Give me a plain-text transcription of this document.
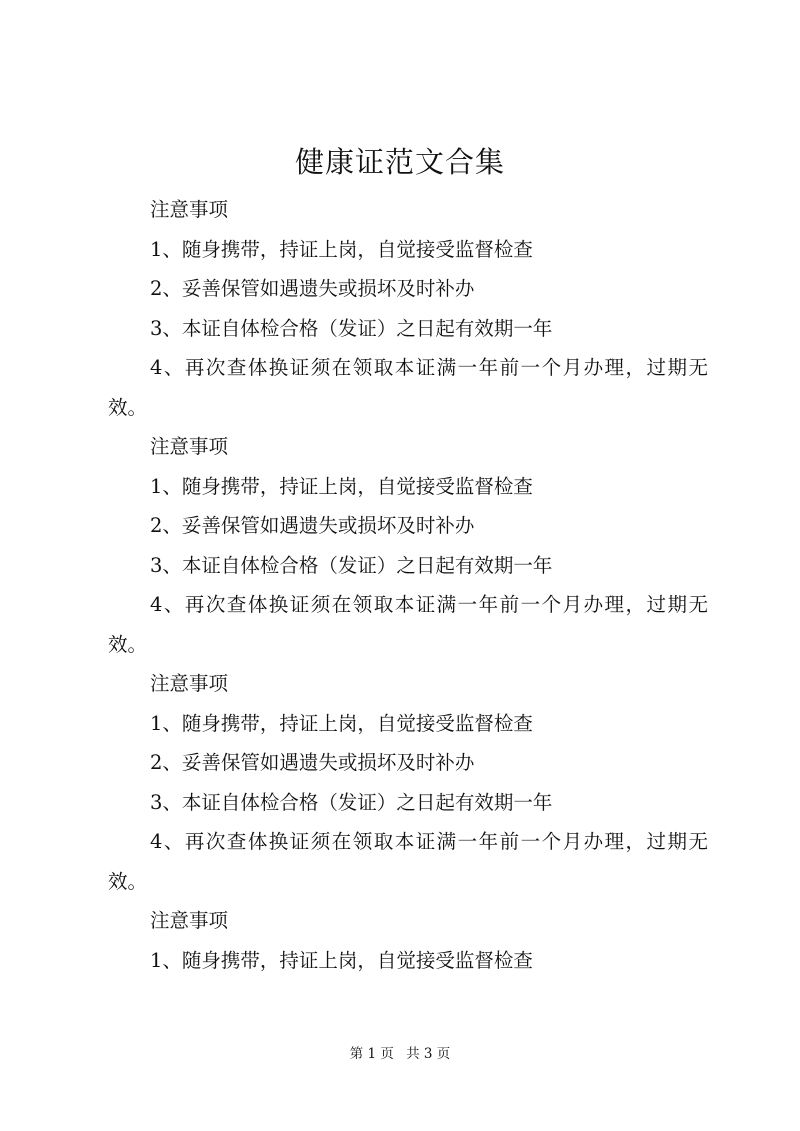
健康证范文合集

注意事项

1、随身携带，持证上岗，自觉接受监督检查

2、妥善保管如遇遗失或损坏及时补办

3、本证自体检合格（发证）之日起有效期一年

4、再次查体换证须在领取本证满一年前一个月办理，过期无效。

注意事项

1、随身携带，持证上岗，自觉接受监督检查

2、妥善保管如遇遗失或损坏及时补办

3、本证自体检合格（发证）之日起有效期一年

4、再次查体换证须在领取本证满一年前一个月办理，过期无效。

注意事项

1、随身携带，持证上岗，自觉接受监督检查

2、妥善保管如遇遗失或损坏及时补办

3、本证自体检合格（发证）之日起有效期一年

4、再次查体换证须在领取本证满一年前一个月办理，过期无效。

注意事项

1、随身携带，持证上岗，自觉接受监督检查

第 1 页 共 3 页
